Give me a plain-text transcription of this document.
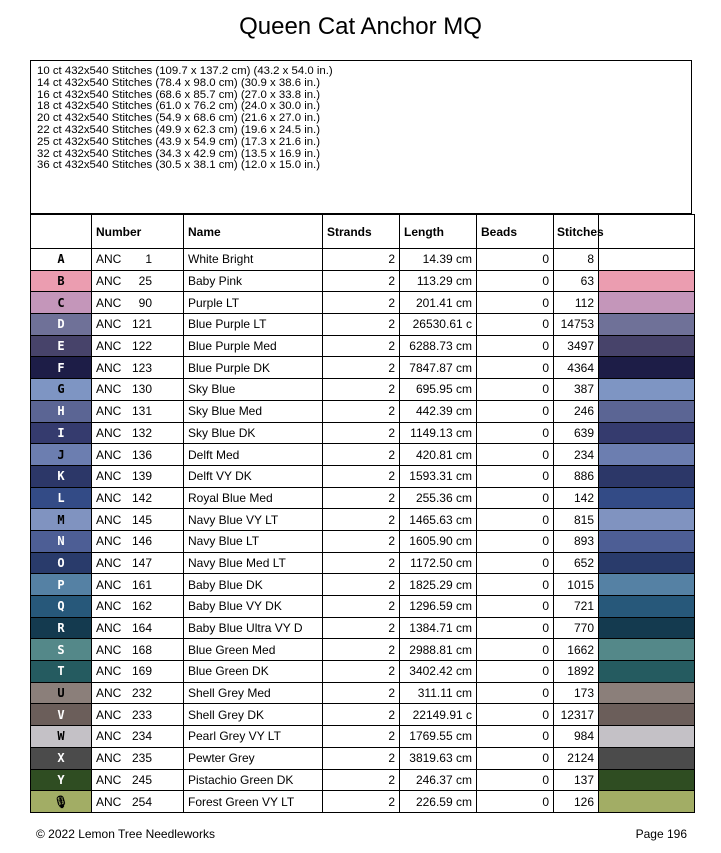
Queen Cat Anchor MQ
10 ct 432x540 Stitches (109.7 x 137.2 cm) (43.2 x 54.0 in.)
14 ct 432x540 Stitches (78.4 x 98.0 cm) (30.9 x 38.6 in.)
16 ct 432x540 Stitches (68.6 x 85.7 cm) (27.0 x 33.8 in.)
18 ct 432x540 Stitches (61.0 x 76.2 cm) (24.0 x 30.0 in.)
20 ct 432x540 Stitches (54.9 x 68.6 cm) (21.6 x 27.0 in.)
22 ct 432x540 Stitches (49.9 x 62.3 cm) (19.6 x 24.5 in.)
25 ct 432x540 Stitches (43.9 x 54.9 cm) (17.3 x 21.6 in.)
32 ct 432x540 Stitches (34.3 x 42.9 cm) (13.5 x 16.9 in.)
36 ct 432x540 Stitches (30.5 x 38.1 cm) (12.0 x 15.0 in.)
	Number	Name	Strands	Length	Beads	Stitches	
A	ANC 1	White Bright	2	14.39 cm	0	8	
B	ANC 25	Baby Pink	2	113.29 cm	0	63	
C	ANC 90	Purple LT	2	201.41 cm	0	112	
D	ANC 121	Blue Purple LT	2	26530.61 c	0	14753	
E	ANC 122	Blue Purple Med	2	6288.73 cm	0	3497	
F	ANC 123	Blue Purple DK	2	7847.87 cm	0	4364	
G	ANC 130	Sky Blue	2	695.95 cm	0	387	
H	ANC 131	Sky Blue Med	2	442.39 cm	0	246	
I	ANC 132	Sky Blue DK	2	1149.13 cm	0	639	
J	ANC 136	Delft Med	2	420.81 cm	0	234	
K	ANC 139	Delft VY DK	2	1593.31 cm	0	886	
L	ANC 142	Royal Blue Med	2	255.36 cm	0	142	
M	ANC 145	Navy Blue VY LT	2	1465.63 cm	0	815	
N	ANC 146	Navy Blue LT	2	1605.90 cm	0	893	
O	ANC 147	Navy Blue Med LT	2	1172.50 cm	0	652	
P	ANC 161	Baby Blue DK	2	1825.29 cm	0	1015	
Q	ANC 162	Baby Blue VY DK	2	1296.59 cm	0	721	
R	ANC 164	Baby Blue Ultra VY D	2	1384.71 cm	0	770	
S	ANC 168	Blue Green Med	2	2988.81 cm	0	1662	
T	ANC 169	Blue Green DK	2	3402.42 cm	0	1892	
U	ANC 232	Shell Grey Med	2	311.11 cm	0	173	
V	ANC 233	Shell Grey DK	2	22149.91 c	0	12317	
W	ANC 234	Pearl Grey VY LT	2	1769.55 cm	0	984	
X	ANC 235	Pewter Grey	2	3819.63 cm	0	2124	
Y	ANC 245	Pistachio Green DK	2	246.37 cm	0	137	
🎙	ANC 254	Forest Green VY LT	2	226.59 cm	0	126	
© 2022 Lemon Tree Needleworks	Page 196
